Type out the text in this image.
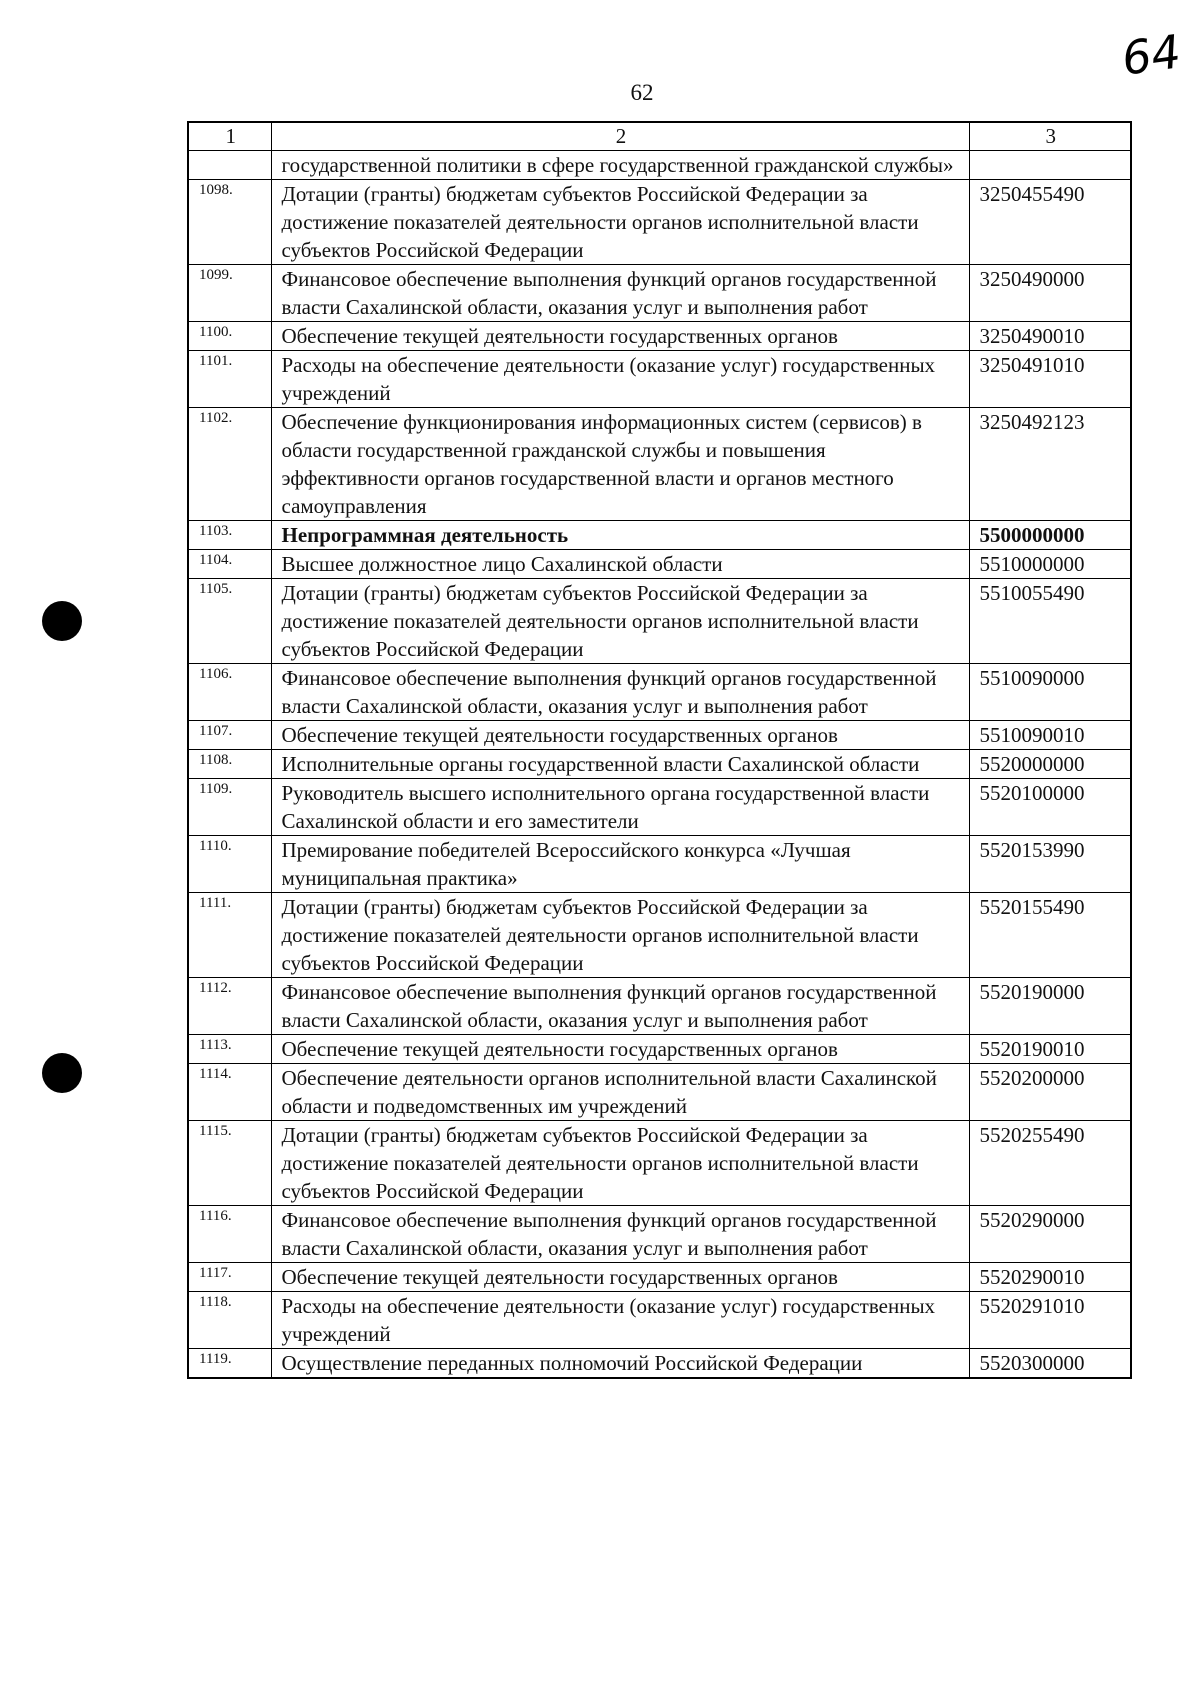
62
64
1	2	3
	государственной политики в сфере государственной гражданской службы»	
1098.	Дотации (гранты) бюджетам субъектов Российской Федерации за достижение показателей деятельности органов исполнительной власти субъектов Российской Федерации	3250455490
1099.	Финансовое обеспечение выполнения функций органов государственной власти Сахалинской области, оказания услуг и выполнения работ	3250490000
1100.	Обеспечение текущей деятельности государственных органов	3250490010
1101.	Расходы на обеспечение деятельности (оказание услуг) государственных учреждений	3250491010
1102.	Обеспечение функционирования информационных систем (сервисов) в области государственной гражданской службы и повышения эффективности органов государственной власти и органов местного самоуправления	3250492123
1103.	Непрограммная деятельность	5500000000
1104.	Высшее должностное лицо Сахалинской области	5510000000
1105.	Дотации (гранты) бюджетам субъектов Российской Федерации за достижение показателей деятельности органов исполнительной власти субъектов Российской Федерации	5510055490
1106.	Финансовое обеспечение выполнения функций органов государственной власти Сахалинской области, оказания услуг и выполнения работ	5510090000
1107.	Обеспечение текущей деятельности государственных органов	5510090010
1108.	Исполнительные органы государственной власти Сахалинской области	5520000000
1109.	Руководитель высшего исполнительного органа государственной власти Сахалинской области и его заместители	5520100000
1110.	Премирование победителей Всероссийского конкурса «Лучшая муниципальная практика»	5520153990
1111.	Дотации (гранты) бюджетам субъектов Российской Федерации за достижение показателей деятельности органов исполнительной власти субъектов Российской Федерации	5520155490
1112.	Финансовое обеспечение выполнения функций органов государственной власти Сахалинской области, оказания услуг и выполнения работ	5520190000
1113.	Обеспечение текущей деятельности государственных органов	5520190010
1114.	Обеспечение деятельности органов исполнительной власти Сахалинской области и подведомственных им учреждений	5520200000
1115.	Дотации (гранты) бюджетам субъектов Российской Федерации за достижение показателей деятельности органов исполнительной власти субъектов Российской Федерации	5520255490
1116.	Финансовое обеспечение выполнения функций органов государственной власти Сахалинской области, оказания услуг и выполнения работ	5520290000
1117.	Обеспечение текущей деятельности государственных органов	5520290010
1118.	Расходы на обеспечение деятельности (оказание услуг) государственных учреждений	5520291010
1119.	Осуществление переданных полномочий Российской Федерации	5520300000
